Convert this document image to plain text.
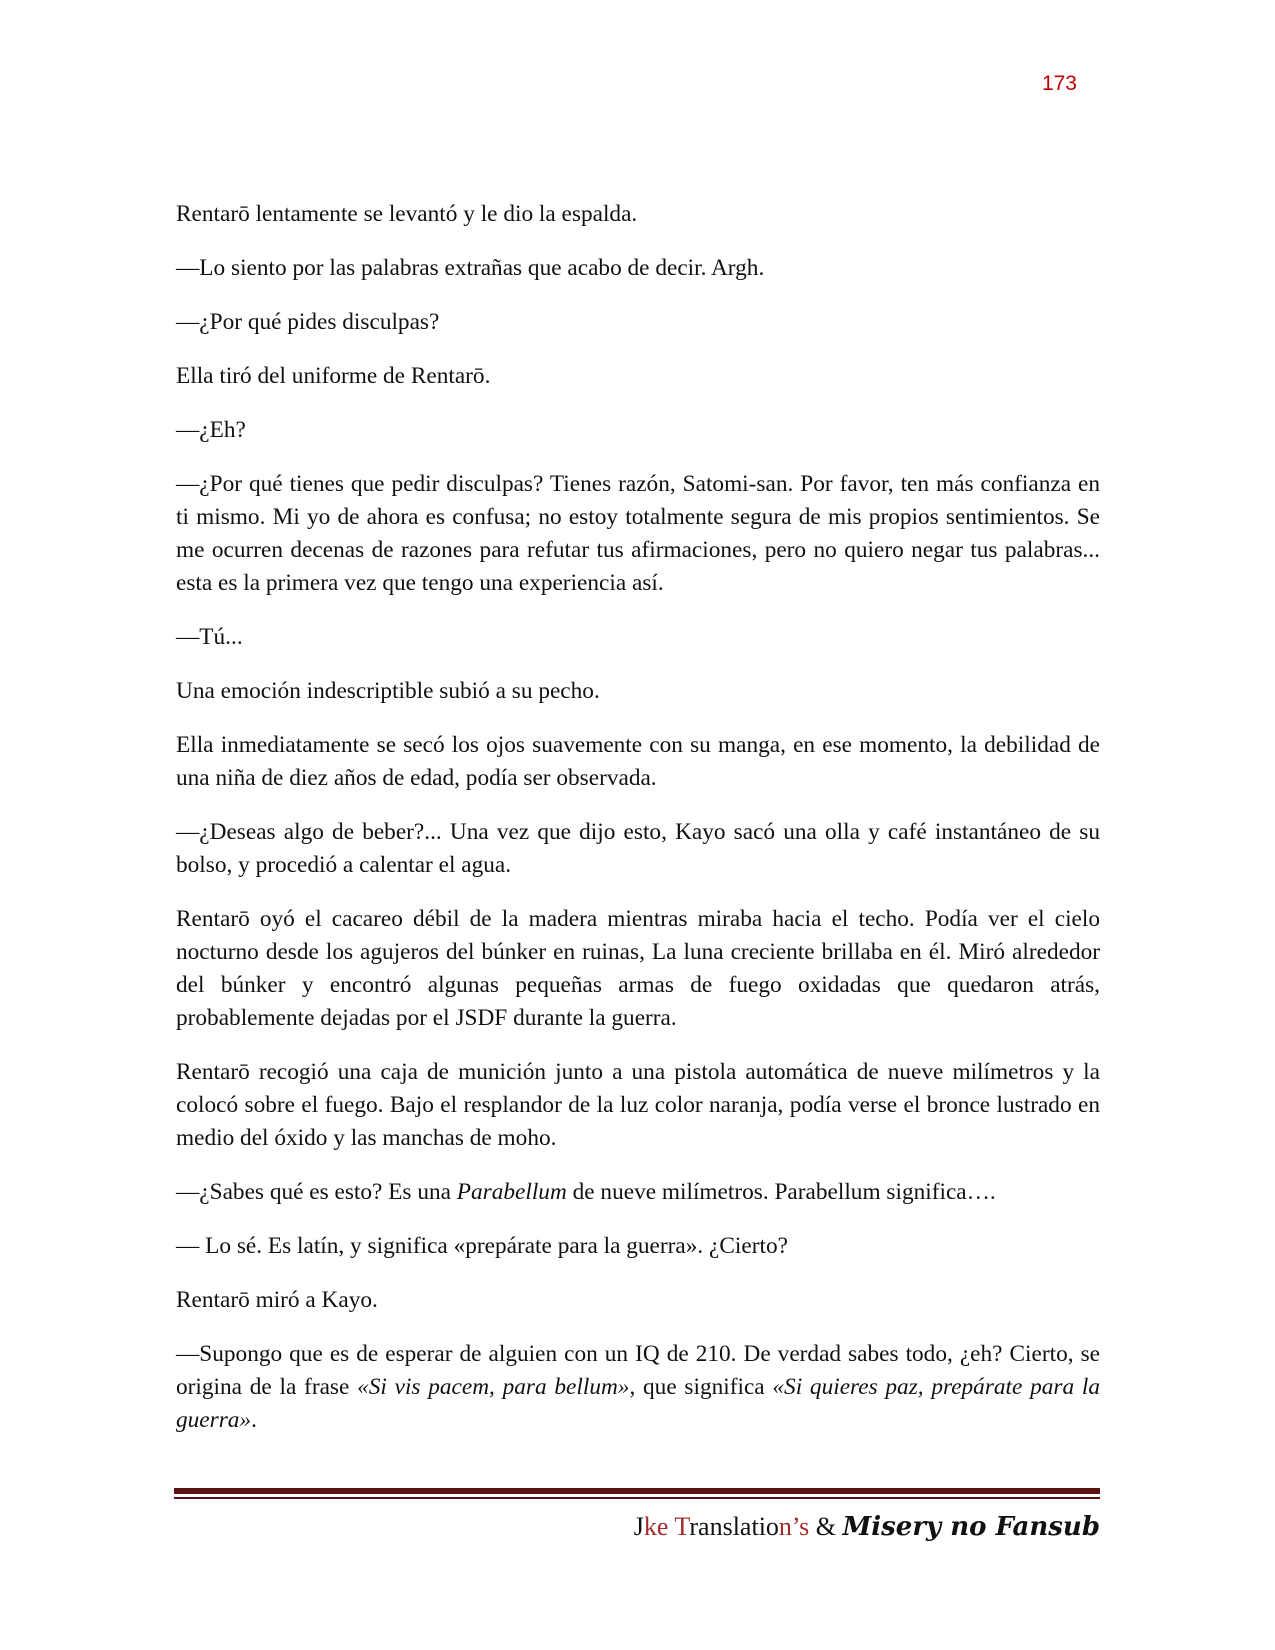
173

Rentarō lentamente se levantó y le dio la espalda.

—Lo siento por las palabras extrañas que acabo de decir. Argh.

—¿Por qué pides disculpas?

Ella tiró del uniforme de Rentarō.

—¿Eh?

—¿Por qué tienes que pedir disculpas? Tienes razón, Satomi-san. Por favor, ten más confianza en ti mismo. Mi yo de ahora es confusa; no estoy totalmente segura de mis propios sentimientos. Se me ocurren decenas de razones para refutar tus afirmaciones, pero no quiero negar tus palabras... esta es la primera vez que tengo una experiencia así.

—Tú...

Una emoción indescriptible subió a su pecho.

Ella inmediatamente se secó los ojos suavemente con su manga, en ese momento, la debilidad de una niña de diez años de edad, podía ser observada.

—¿Deseas algo de beber?... Una vez que dijo esto, Kayo sacó una olla y café instantáneo de su bolso, y procedió a calentar el agua.

Rentarō oyó el cacareo débil de la madera mientras miraba hacia el techo. Podía ver el cielo nocturno desde los agujeros del búnker en ruinas, La luna creciente brillaba en él. Miró alrededor del búnker y encontró algunas pequeñas armas de fuego oxidadas que quedaron atrás, probablemente dejadas por el JSDF durante la guerra.

Rentarō recogió una caja de munición junto a una pistola automática de nueve milímetros y la colocó sobre el fuego. Bajo el resplandor de la luz color naranja, podía verse el bronce lustrado en medio del óxido y las manchas de moho.

—¿Sabes qué es esto? Es una Parabellum de nueve milímetros. Parabellum significa….

— Lo sé. Es latín, y significa «prepárate para la guerra». ¿Cierto?

Rentarō miró a Kayo.

—Supongo que es de esperar de alguien con un IQ de 210. De verdad sabes todo, ¿eh? Cierto, se origina de la frase «Si vis pacem, para bellum», que significa «Si quieres paz, prepárate para la guerra».

Jke Translation’s & Misery no Fansub
